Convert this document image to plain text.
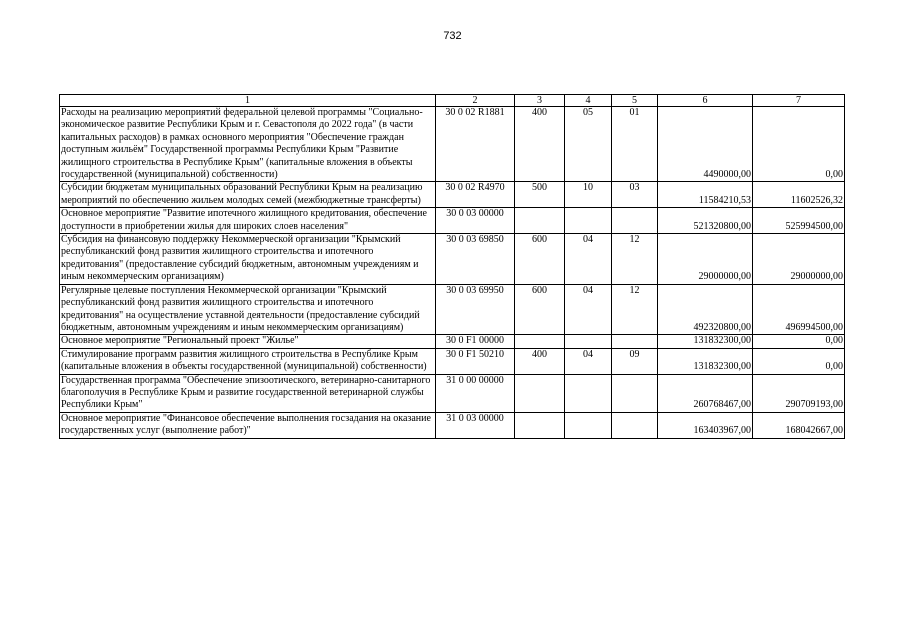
732
1	2	3	4	5	6	7
Расходы на реализацию мероприятий федеральной целевой программы "Социально-экономическое развитие Республики Крым и г. Севастополя до 2022 года" (в части капитальных расходов) в рамках основного мероприятия "Обеспечение граждан доступным жильём" Государственной программы Республики Крым "Развитие жилищного строительства в Республике Крым" (капитальные вложения в объекты государственной (муниципальной) собственности)	30 0 02 R1881	400	05	01	4490000,00	0,00
Субсидии бюджетам муниципальных образований Республики Крым на реализацию мероприятий по обеспечению жильем молодых семей (межбюджетные трансферты)	30 0 02 R4970	500	10	03	11584210,53	11602526,32
Основное мероприятие "Развитие ипотечного жилищного кредитования, обеспечение доступности в приобретении жилья для широких слоев населения"	30 0 03 00000				521320800,00	525994500,00
Субсидия на финансовую поддержку Некоммерческой организации "Крымский республиканский фонд развития жилищного строительства и ипотечного кредитования" (предоставление субсидий бюджетным, автономным учреждениям и иным некоммерческим организациям)	30 0 03 69850	600	04	12	29000000,00	29000000,00
Регулярные целевые поступления Некоммерческой организации "Крымский республиканский фонд развития жилищного строительства и ипотечного кредитования" на осуществление уставной деятельности (предоставление субсидий бюджетным, автономным учреждениям и иным некоммерческим организациям)	30 0 03 69950	600	04	12	492320800,00	496994500,00
Основное мероприятие "Региональный проект "Жилье"	30 0 F1 00000				131832300,00	0,00
Стимулирование программ развития жилищного строительства в Республике Крым (капитальные вложения в объекты государственной (муниципальной) собственности)	30 0 F1 50210	400	04	09	131832300,00	0,00
Государственная программа "Обеспечение эпизоотического, ветеринарно-санитарного благополучия в Республике Крым и развитие государственной ветеринарной службы Республики Крым"	31 0 00 00000				260768467,00	290709193,00
Основное мероприятие "Финансовое обеспечение выполнения госзадания на оказание государственных услуг (выполнение работ)"	31 0 03 00000				163403967,00	168042667,00
